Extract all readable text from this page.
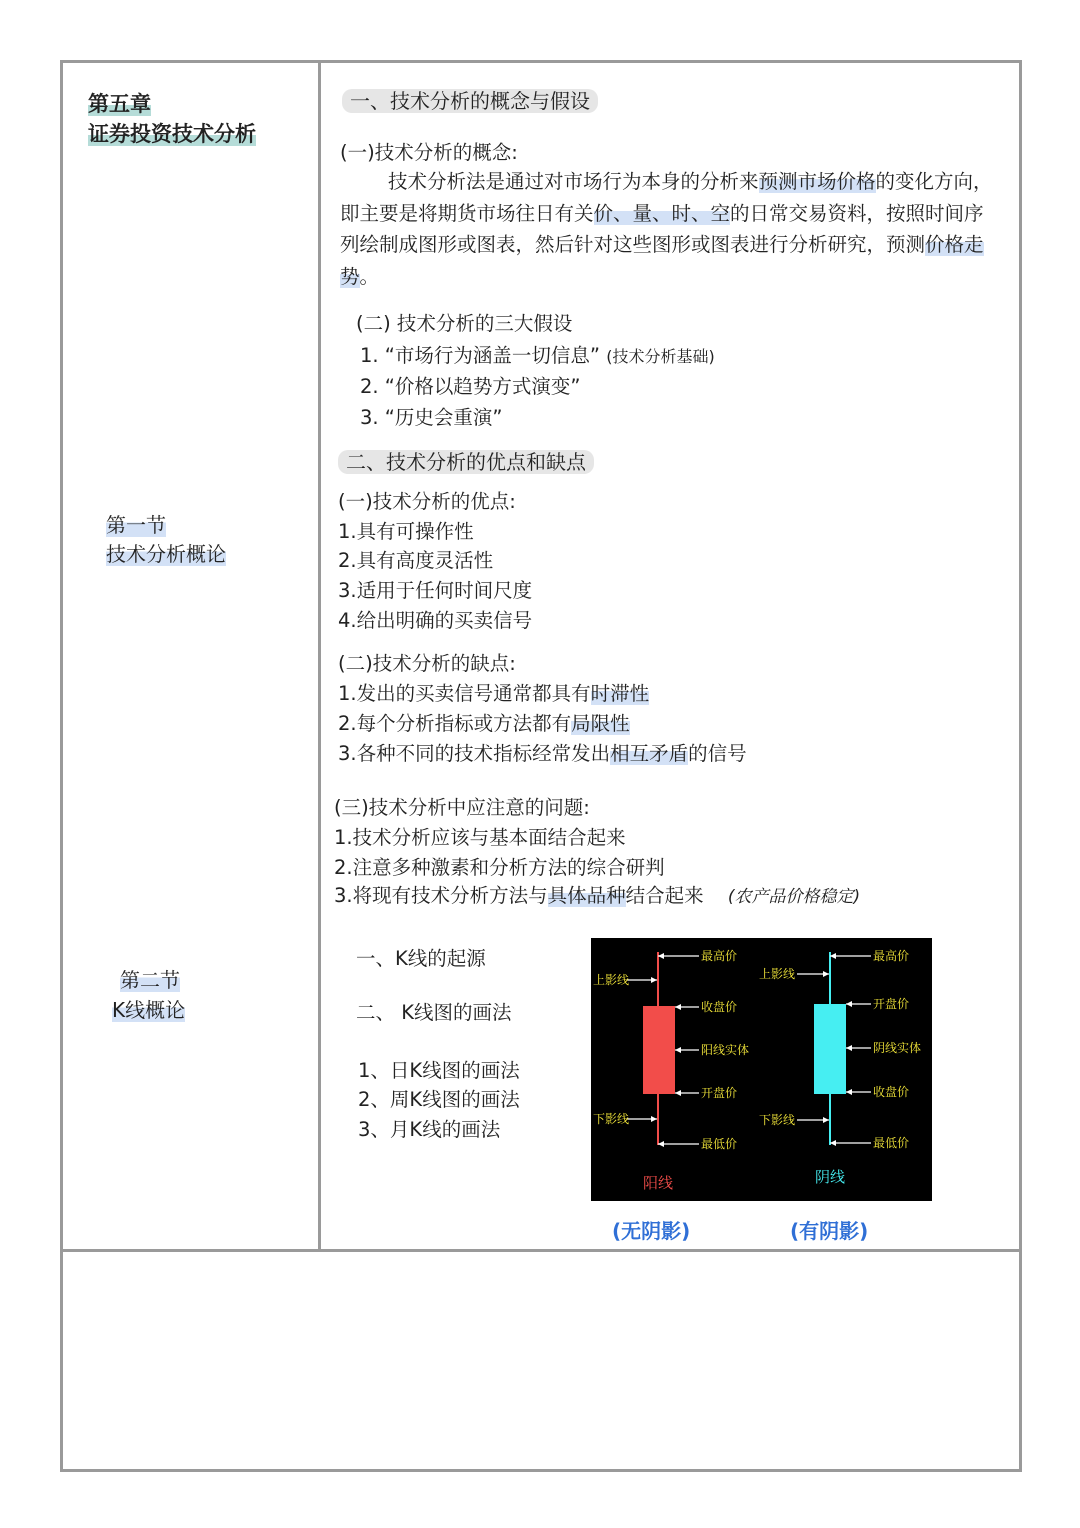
第五章
证券投资技术分析
第一节
技术分析概论
第二节
K线概论
一、技术分析的概念与假设
(一)技术分析的概念:
技术分析法是通过对市场行为本身的分析来预测市场价格的变化方向，即主要是将期货市场往日有关价、量、时、空的日常交易资料，按照时间序列绘制成图形或图表，然后针对这些图形或图表进行分析研究，预测价格走势。
(二) 技术分析的三大假设
1. “市场行为涵盖一切信息” (技术分析基础)
2. “价格以趋势方式演变”
3. “历史会重演”
二、技术分析的优点和缺点
(一)技术分析的优点:
1.具有可操作性
2.具有高度灵活性
3.适用于任何时间尺度
4.给出明确的买卖信号
(二)技术分析的缺点:
1.发出的买卖信号通常都具有时滞性
2.每个分析指标或方法都有局限性
3.各种不同的技术指标经常发出相互矛盾的信号
(三)技术分析中应注意的问题:
1.技术分析应该与基本面结合起来
2.注意多种激素和分析方法的综合研判
3.将现有技术分析方法与具体品种结合起来 (农产品价格稳定)
一、K线的起源
二、 K线图的画法
1、日K线图的画法
2、周K线图的画法
3、月K线的画法
最高价
上影线
收盘价
阳线实体
开盘价
下影线
最低价
阳线
最高价
上影线
开盘价
阴线实体
收盘价
下影线
最低价
阴线
(无阴影)	(有阴影)
